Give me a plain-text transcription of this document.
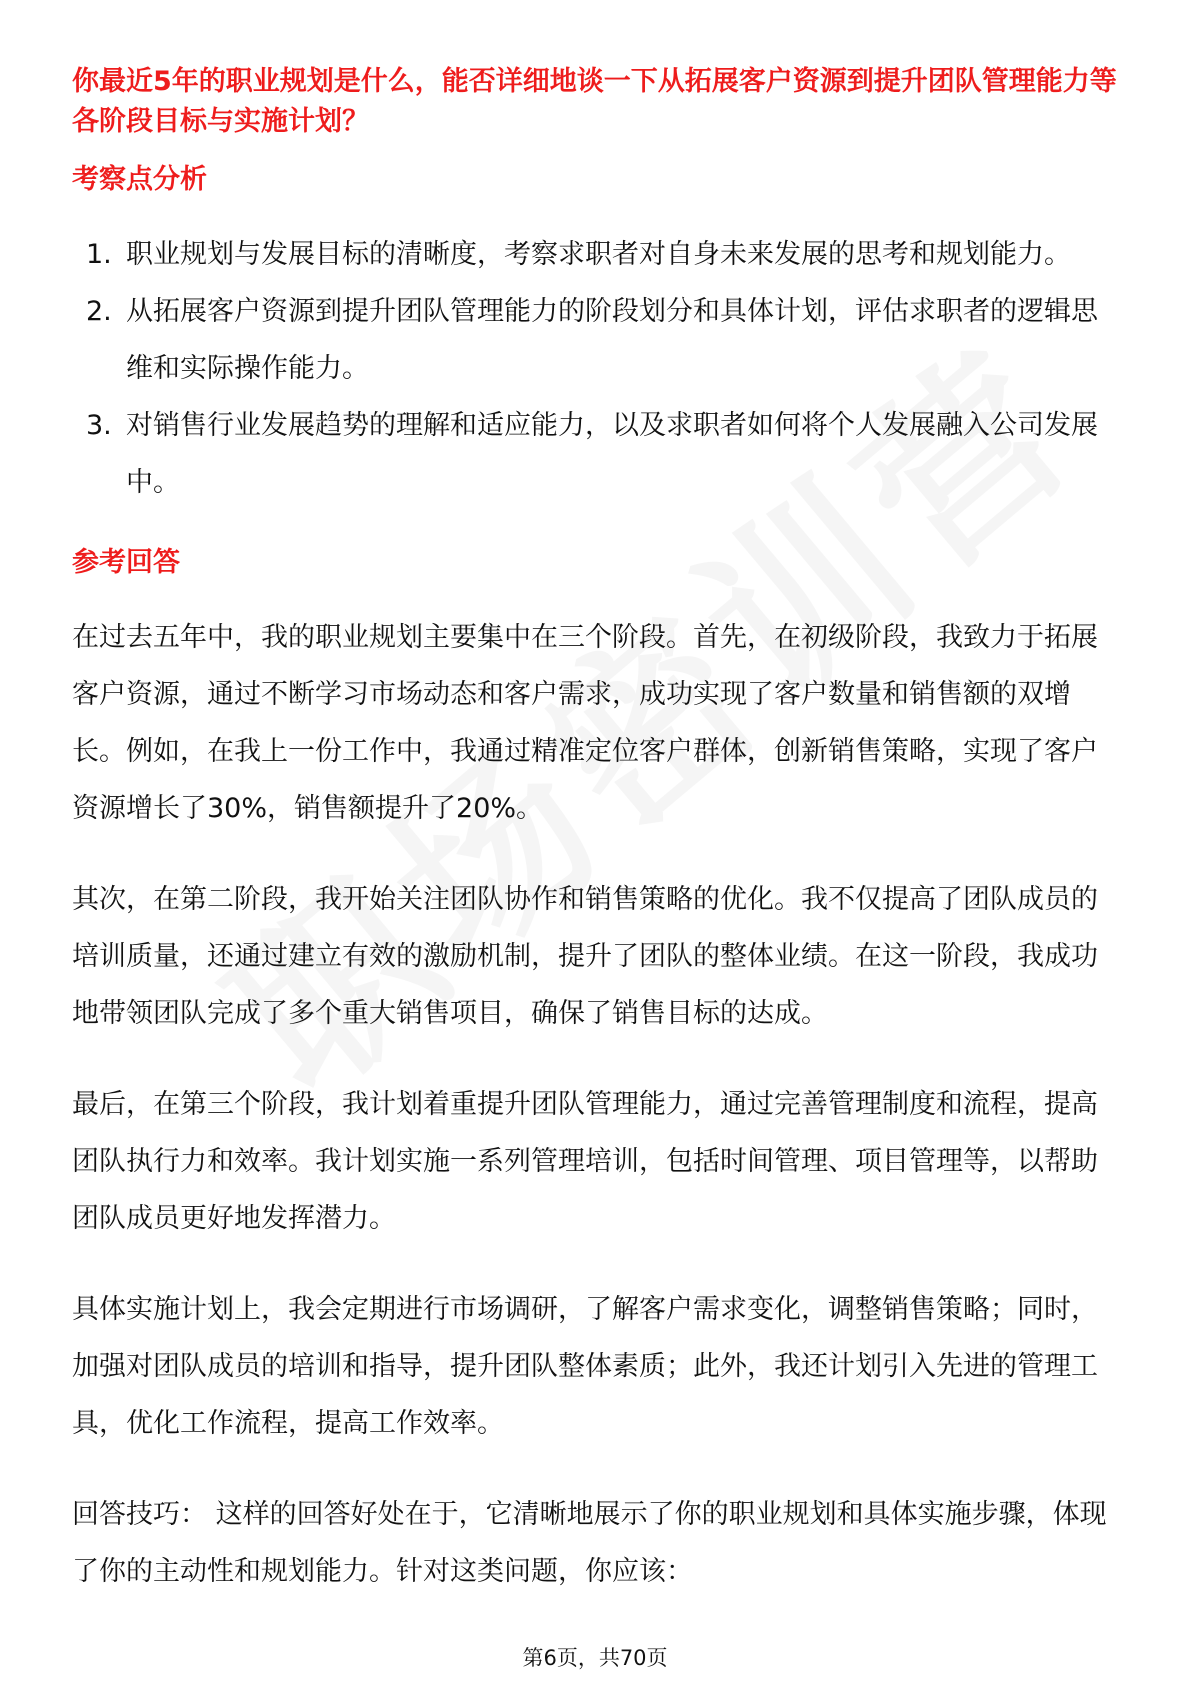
你最近5年的职业规划是什么，能否详细地谈一下从拓展客户资源到提升团队管理能力等各阶段目标与实施计划？

考察点分析

1. 职业规划与发展目标的清晰度，考察求职者对自身未来发展的思考和规划能力。
2. 从拓展客户资源到提升团队管理能力的阶段划分和具体计划，评估求职者的逻辑思维和实际操作能力。
3. 对销售行业发展趋势的理解和适应能力，以及求职者如何将个人发展融入公司发展中。

参考回答

在过去五年中，我的职业规划主要集中在三个阶段。首先，在初级阶段，我致力于拓展客户资源，通过不断学习市场动态和客户需求，成功实现了客户数量和销售额的双增长。例如，在我上一份工作中，我通过精准定位客户群体，创新销售策略，实现了客户资源增长了30%，销售额提升了20%。

其次，在第二阶段，我开始关注团队协作和销售策略的优化。我不仅提高了团队成员的培训质量，还通过建立有效的激励机制，提升了团队的整体业绩。在这一阶段，我成功地带领团队完成了多个重大销售项目，确保了销售目标的达成。

最后，在第三个阶段，我计划着重提升团队管理能力，通过完善管理制度和流程，提高团队执行力和效率。我计划实施一系列管理培训，包括时间管理、项目管理等，以帮助团队成员更好地发挥潜力。

具体实施计划上，我会定期进行市场调研，了解客户需求变化，调整销售策略；同时，加强对团队成员的培训和指导，提升团队整体素质；此外，我还计划引入先进的管理工具，优化工作流程，提高工作效率。

回答技巧： 这样的回答好处在于，它清晰地展示了你的职业规划和具体实施步骤，体现了你的主动性和规划能力。针对这类问题，你应该：

第6页，共70页
